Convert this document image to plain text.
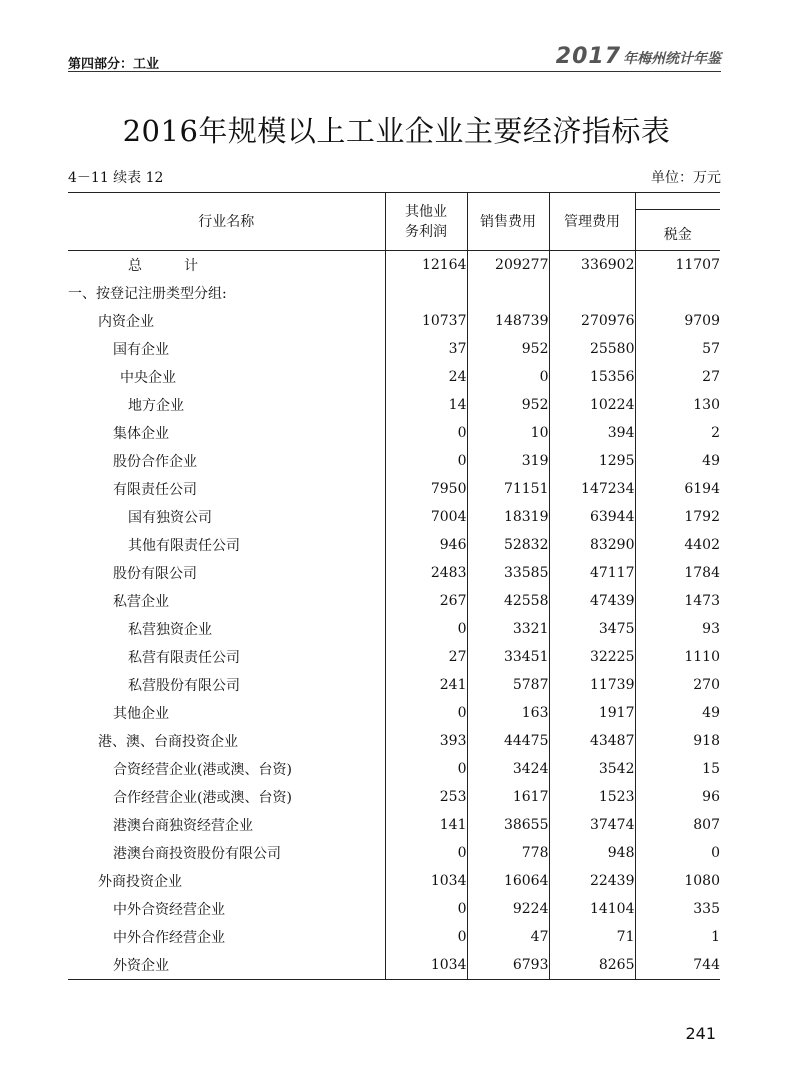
第四部分：工业	2017 年梅州统计年鉴
2016年规模以上工业企业主要经济指标表
4－11 续表 12	单位：万元
行业名称	其他业
务利润	销售费用	管理费用	税金

总　　　计	12164	209277	336902	11707
一、按登记注册类型分组:				
内资企业	10737	148739	270976	9709
国有企业	37	952	25580	57
中央企业	24	0	15356	27
地方企业	14	952	10224	130
集体企业	0	10	394	2
股份合作企业	0	319	1295	49
有限责任公司	7950	71151	147234	6194
国有独资公司	7004	18319	63944	1792
其他有限责任公司	946	52832	83290	4402
股份有限公司	2483	33585	47117	1784
私营企业	267	42558	47439	1473
私营独资企业	0	3321	3475	93
私营有限责任公司	27	33451	32225	1110
私营股份有限公司	241	5787	11739	270
其他企业	0	163	1917	49
港、澳、台商投资企业	393	44475	43487	918
合资经营企业(港或澳、台资)	0	3424	3542	15
合作经营企业(港或澳、台资)	253	1617	1523	96
港澳台商独资经营企业	141	38655	37474	807
港澳台商投资股份有限公司	0	778	948	0
外商投资企业	1034	16064	22439	1080
中外合资经营企业	0	9224	14104	335
中外合作经营企业	0	47	71	1
外资企业	1034	6793	8265	744
241
